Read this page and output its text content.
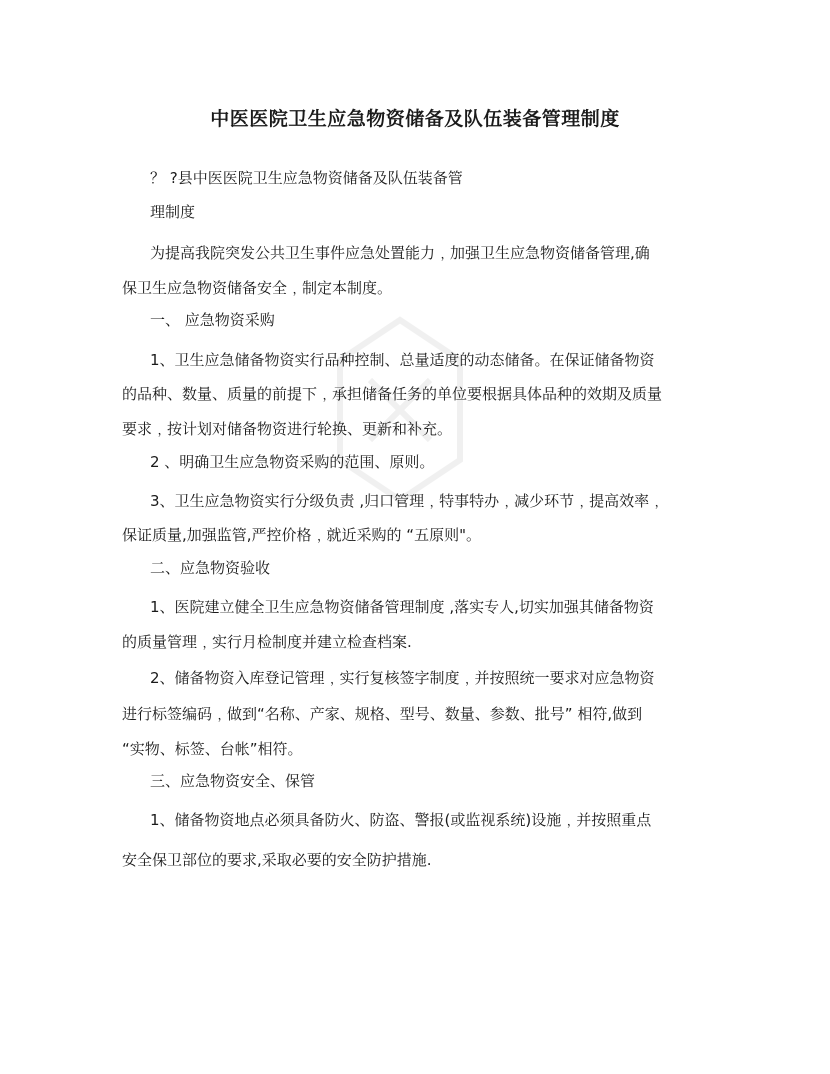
中医医院卫生应急物资储备及队伍装备管理制度
？ ?县中医医院卫生应急物资储备及队伍装备管
理制度
为提高我院突发公共卫生事件应急处置能力﹐加强卫生应急物资储备管理,确
保卫生应急物资储备安全﹐制定本制度。
一、 应急物资采购
1、卫生应急储备物资实行品种控制、总量适度的动态储备。在保证储备物资
的品种、数量、质量的前提下﹐承担储备任务的单位要根据具体品种的效期及质量
要求﹐按计划对储备物资进行轮换、更新和补充。
2 、明确卫生应急物资采购的范围、原则。
3、卫生应急物资实行分级负责 ,归口管理﹐特事特办﹐减少环节﹐提高效率﹐
保证质量,加强监管,严控价格﹐就近采购的 “五原则"。
二、应急物资验收
1、医院建立健全卫生应急物资储备管理制度 ,落实专人,切实加强其储备物资
的质量管理﹐实行月检制度并建立检查档案.
2、储备物资入库登记管理﹐实行复核签字制度﹐并按照统一要求对应急物资
进行标签编码﹐做到“名称、产家、规格、型号、数量、参数、批号” 相符,做到
“实物、标签、台帐”相符。
三、应急物资安全、保管
1、储备物资地点必须具备防火、防盗、警报(或监视系统)设施﹐并按照重点
安全保卫部位的要求,采取必要的安全防护措施.
